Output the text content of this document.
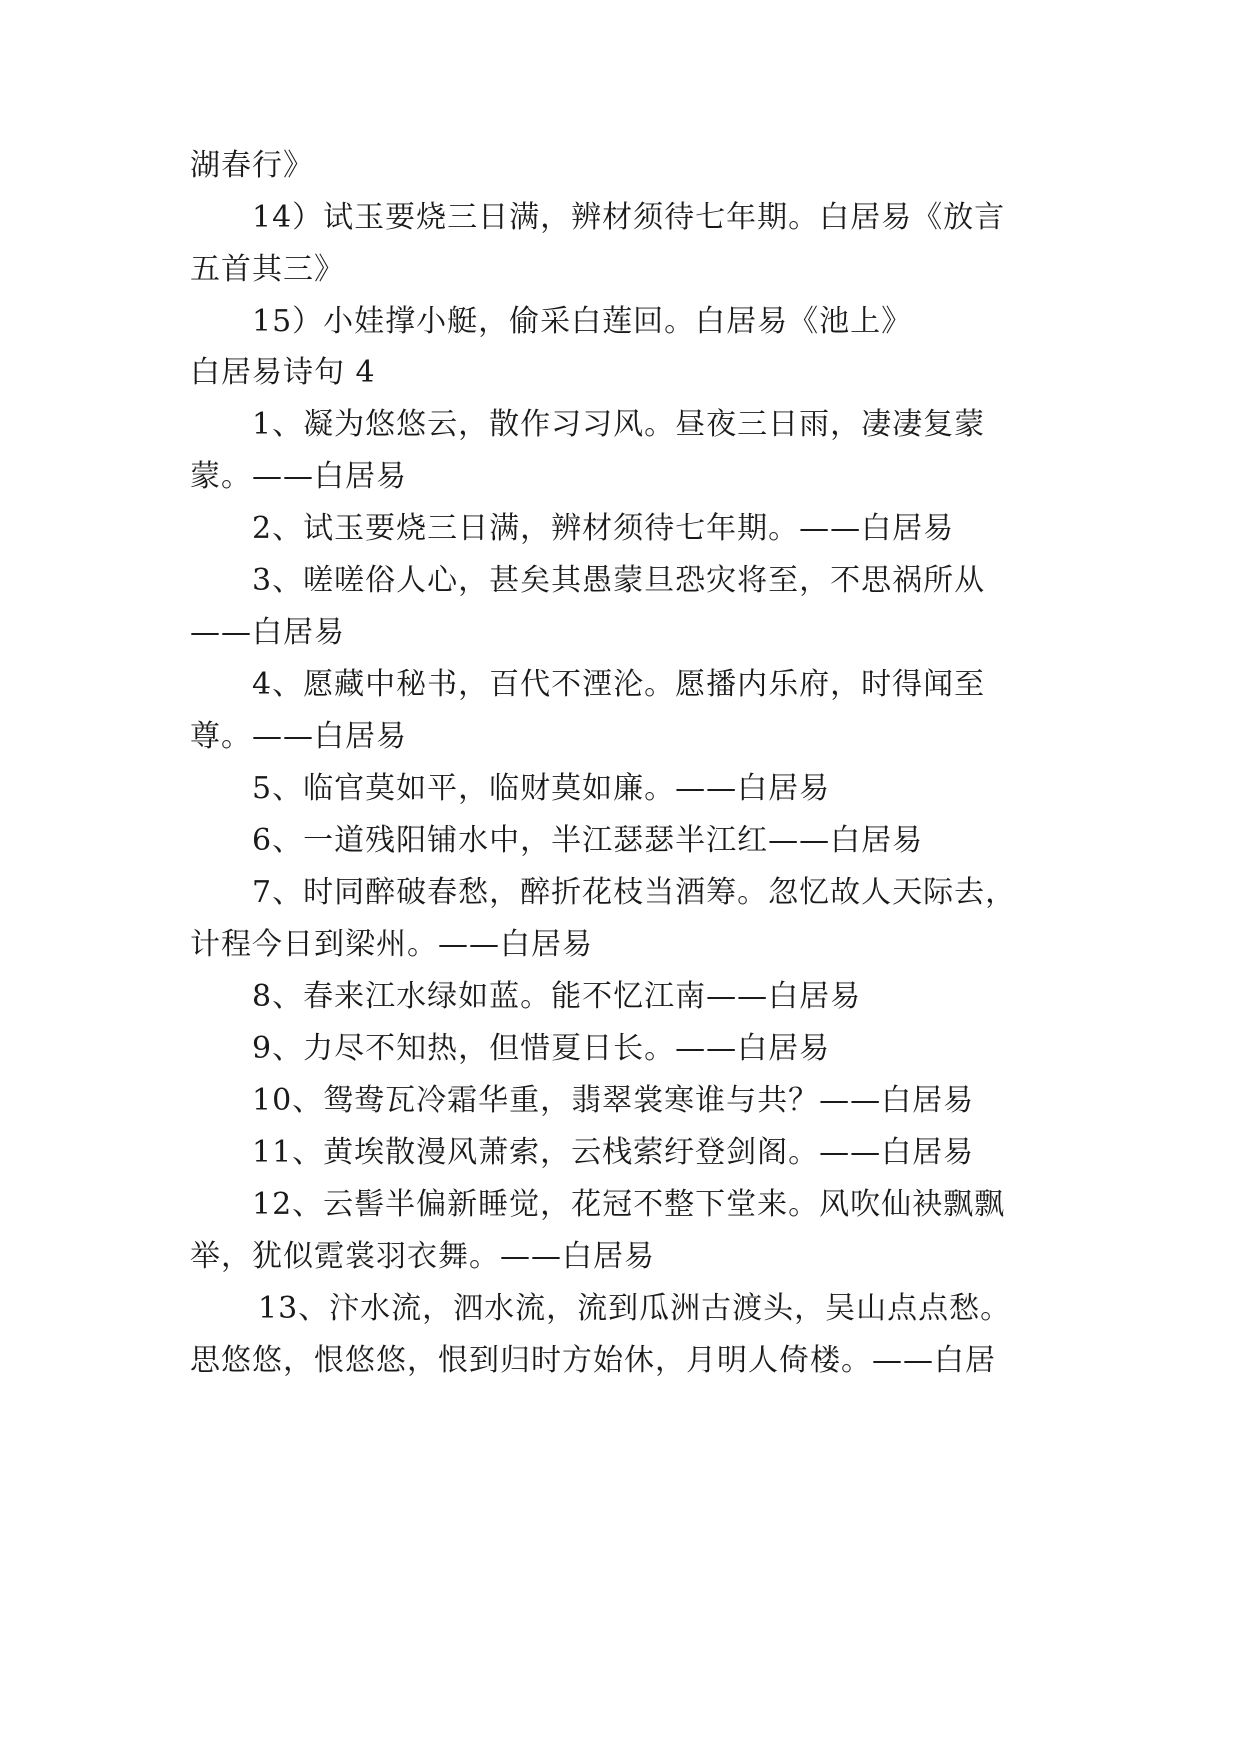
湖春行》
14）试玉要烧三日满，辨材须待七年期。白居易《放言
五首其三》
15）小娃撑小艇，偷采白莲回。白居易《池上》
白居易诗句 4
1、凝为悠悠云，散作习习风。昼夜三日雨，凄凄复蒙
蒙。——白居易
2、试玉要烧三日满，辨材须待七年期。——白居易
3、嗟嗟俗人心，甚矣其愚蒙旦恐灾将至，不思祸所从
——白居易
4、愿藏中秘书，百代不湮沦。愿播内乐府，时得闻至
尊。——白居易
5、临官莫如平，临财莫如廉。——白居易
6、一道残阳铺水中，半江瑟瑟半江红——白居易
7、时同醉破春愁，醉折花枝当酒筹。忽忆故人天际去，
计程今日到梁州。——白居易
8、春来江水绿如蓝。能不忆江南——白居易
9、力尽不知热，但惜夏日长。——白居易
10、鸳鸯瓦冷霜华重，翡翠裳寒谁与共？——白居易
11、黄埃散漫风萧索，云栈萦纡登剑阁。——白居易
12、云髻半偏新睡觉，花冠不整下堂来。风吹仙袂飘飘
举，犹似霓裳羽衣舞。——白居易
13、汴水流，泗水流，流到瓜洲古渡头，吴山点点愁。
思悠悠，恨悠悠，恨到归时方始休，月明人倚楼。——白居
